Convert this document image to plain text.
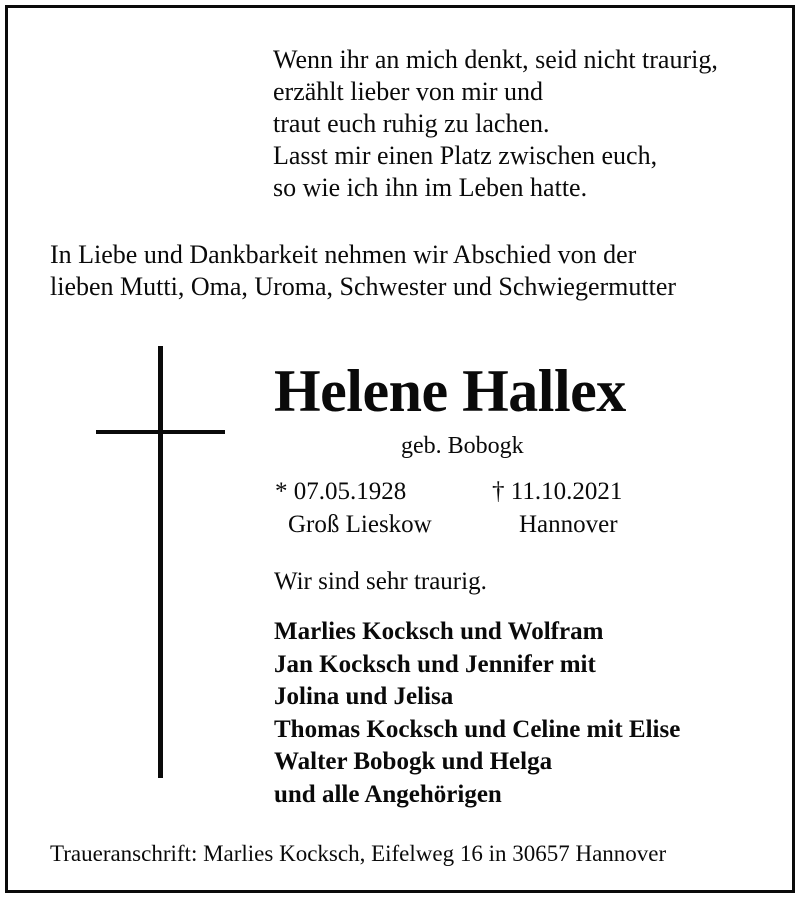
Wenn ihr an mich denkt, seid nicht traurig,
erzählt lieber von mir und
traut euch ruhig zu lachen.
Lasst mir einen Platz zwischen euch,
so wie ich ihn im Leben hatte.
In Liebe und Dankbarkeit nehmen wir Abschied von der
lieben Mutti, Oma, Uroma, Schwester und Schwiegermutter
Helene Hallex
geb. Bobogk
* 07.05.1928	† 11.10.2021
Groß Lieskow	Hannover
Wir sind sehr traurig.
Marlies Kocksch und Wolfram
Jan Kocksch und Jennifer mit
Jolina und Jelisa
Thomas Kocksch und Celine mit Elise
Walter Bobogk und Helga
und alle Angehörigen
Traueranschrift: Marlies Kocksch, Eifelweg 16 in 30657 Hannover
